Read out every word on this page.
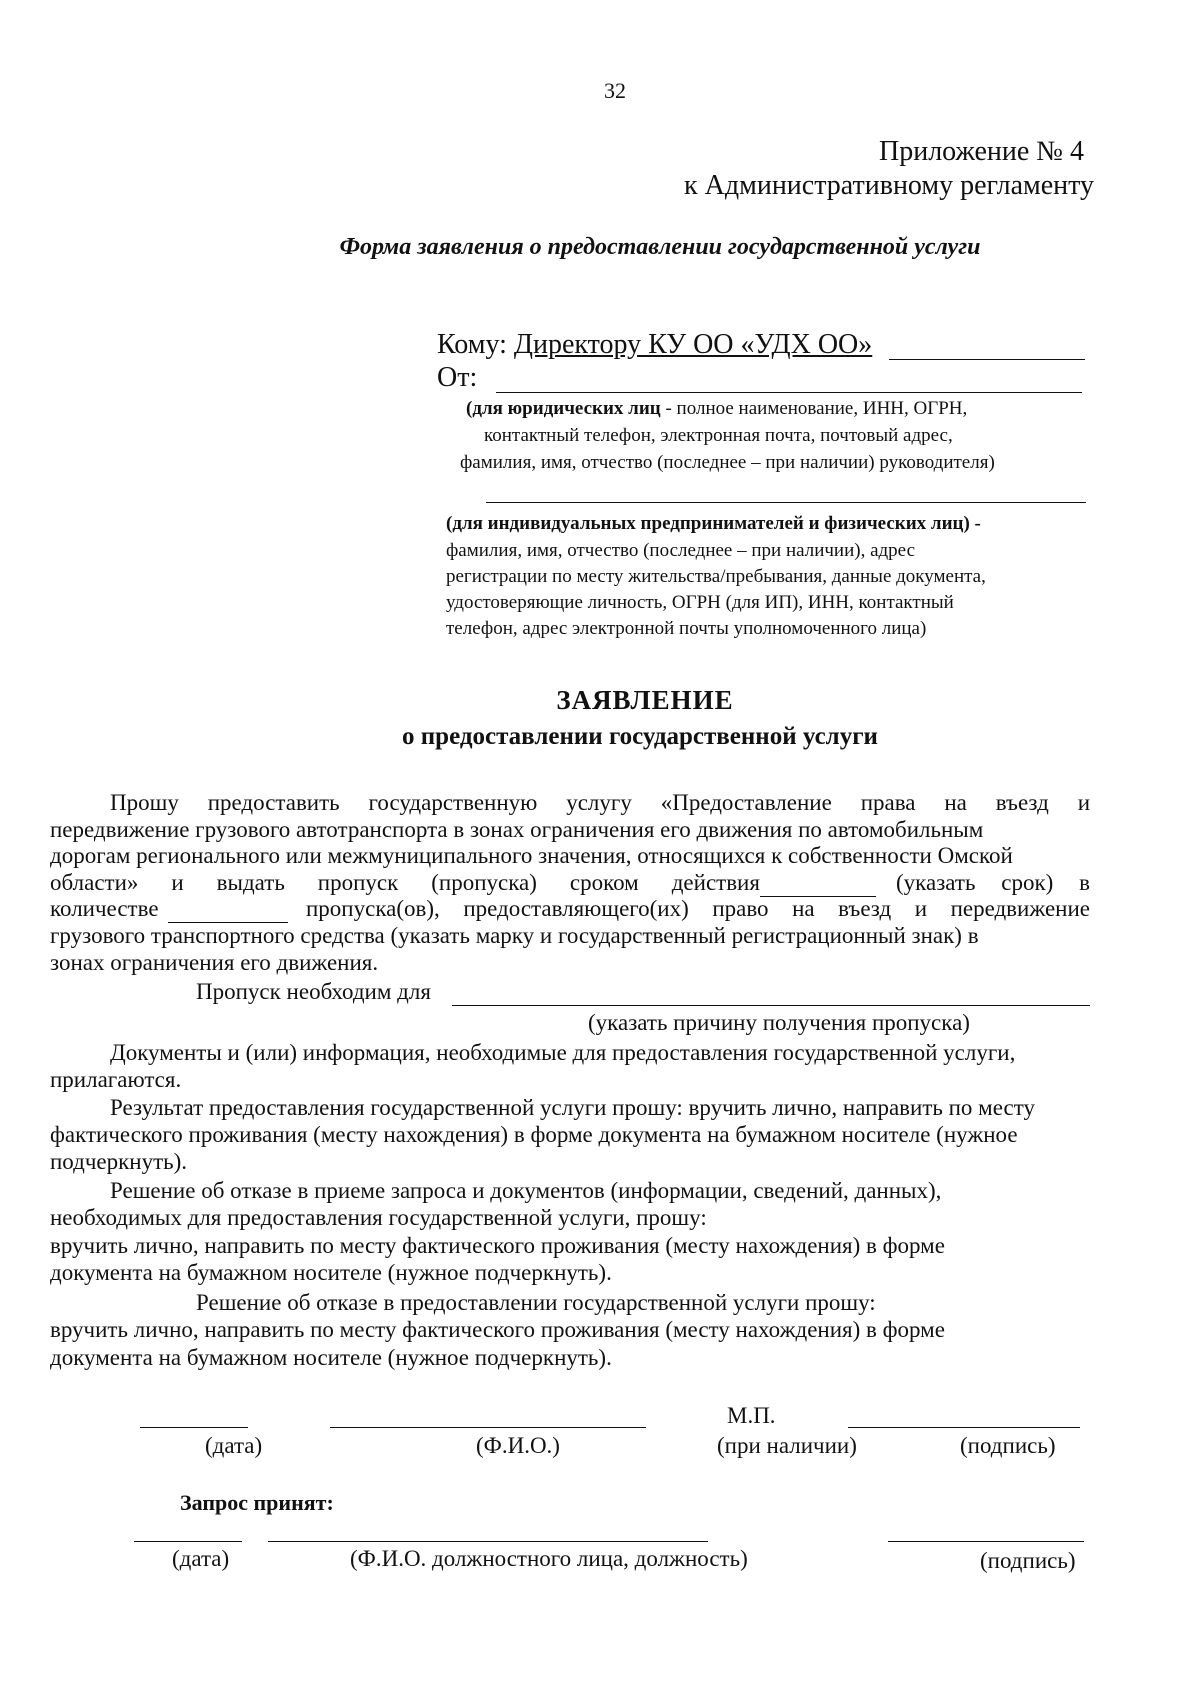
32
Приложение № 4
к Административному регламенту
Форма заявления о предоставлении государственной услуги
Кому: Директору КУ ОО «УДХ ОО»
От:
(для юридических лиц - полное наименование, ИНН, ОГРН,
контактный телефон, электронная почта, почтовый адрес,
фамилия, имя, отчество (последнее – при наличии) руководителя)
(для индивидуальных предпринимателей и физических лиц) -
фамилия, имя, отчество (последнее – при наличии), адрес
регистрации по месту жительства/пребывания, данные документа,
удостоверяющие личность, ОГРН (для ИП), ИНН, контактный
телефон, адрес электронной почты уполномоченного лица)
ЗАЯВЛЕНИЕ
о предоставлении государственной услуги
Прошу предоставить государственную услугу «Предоставление права на въезд и
передвижение грузового автотранспорта в зонах ограничения его движения по автомобильным
дорогам регионального или межмуниципального значения, относящихся к собственности Омской
области» и выдать пропуск (пропуска) сроком действия	(указать срок) в
количестве	пропуска(ов), предоставляющего(их) право на въезд и передвижение
грузового транспортного средства (указать марку и государственный регистрационный знак) в
зонах ограничения его движения.
Пропуск необходим для
(указать причину получения пропуска)
Документы и (или) информация, необходимые для предоставления государственной услуги,
прилагаются.
Результат предоставления государственной услуги прошу: вручить лично, направить по месту
фактического проживания (месту нахождения) в форме документа на бумажном носителе (нужное
подчеркнуть).
Решение об отказе в приеме запроса и документов (информации, сведений, данных),
необходимых для предоставления государственной услуги, прошу:
вручить лично, направить по месту фактического проживания (месту нахождения) в форме
документа на бумажном носителе (нужное подчеркнуть).
Решение об отказе в предоставлении государственной услуги прошу:
вручить лично, направить по месту фактического проживания (месту нахождения) в форме
документа на бумажном носителе (нужное подчеркнуть).
М.П.
(дата)	(Ф.И.О.)	(при наличии)	(подпись)
Запрос принят:
(дата)	(Ф.И.О. должностного лица, должность)	(подпись)
